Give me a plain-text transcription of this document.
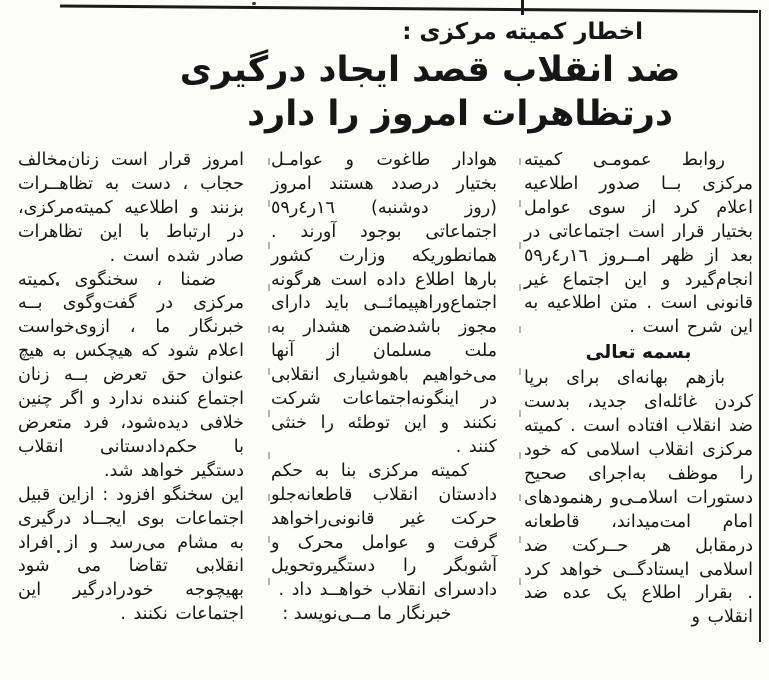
اخطار کمیته مرکزی :
ضد انقلاب قصد ایجاد درگیری
درتظاهرات امروز را دارد

روابط عمومـی کمیته مرکزی بــا صدور اطلاعیه اعلام کرد از سوی عوامل بختیار قرار است اجتماعاتی در بعد از ظهر امــروز ١٦ر٤ر٥٩ انجام‌گیرد و این اجتماع غیر قانونی است . متن اطلاعیه به این شرح است .

بسمه تعالی

بازهم بهانه‌ای برای برپا کردن غائله‌ای جدید، بدست ضد انقلاب افتاده است . کمیته مرکزی انقلاب اسلامی که خود را موظف به‌اجرای صحیح دستورات اسلامـی‌و رهنمودهای امام امت‌میداند، قاطعانه درمقابل هر حــرکت ضد اسلامی ایستادگــی خواهد کرد . بقرار اطلاع یک عده ضد انقلاب و

هوادار طاغوت و عوامـل بختیار درصدد هستند امروز (روز دوشنبه) ١٦ر٤ر٥٩ اجتماعاتی بوجود آورند . همانطوریکه وزارت کشور بارها اطلاع داده است هرگونه اجتماع‌وراهپیمائــی باید دارای مجوز باشدضمن هشدار به ملت مسلمان از آنها می‌خواهیم باهوشیاری انقلابی در اینگونه‌اجتماعات شرکت نکنند و این توطئه را خنثی کنند .

کمیته مرکزی بنا به حکم دادستان انقلاب قاطعانه‌جلو حرکت غیر قانونی‌راخواهد گرفت و عوامل محرک و آشوبگر را دستگیروتحویل دادسرای انقلاب خواهــد داد .

خبرنگار ما مــی‌نویسد :

امروز قرار است زنان‌مخالف حجاب ، دست به تظاهــرات بزنند و اطلاعیه کمیته‌مرکزی، در ارتباط با این تظاهرات صادر شده است .

ضمنا ، سخنگوی کمیته مرکزی در گفت‌وگوی بــه خبرنگار ما ، ازوی‌خواست اعلام شود که هیچکس به هیچ عنوان حق تعرض بــه زنان اجتماع کننده ندارد و اگر چنین خلافی دیده‌شود، فرد متعرض با حکم‌دادستانی انقلاب دستگیر خواهد شد.

این سخنگو افزود : ازاین قبیل اجتماعات بوی ایجــاد درگیری به مشام می‌رسد و از افراد انقلابی تقاضا می شود بهیچوجه خودرادرگیر این اجتماعات نکنند .
